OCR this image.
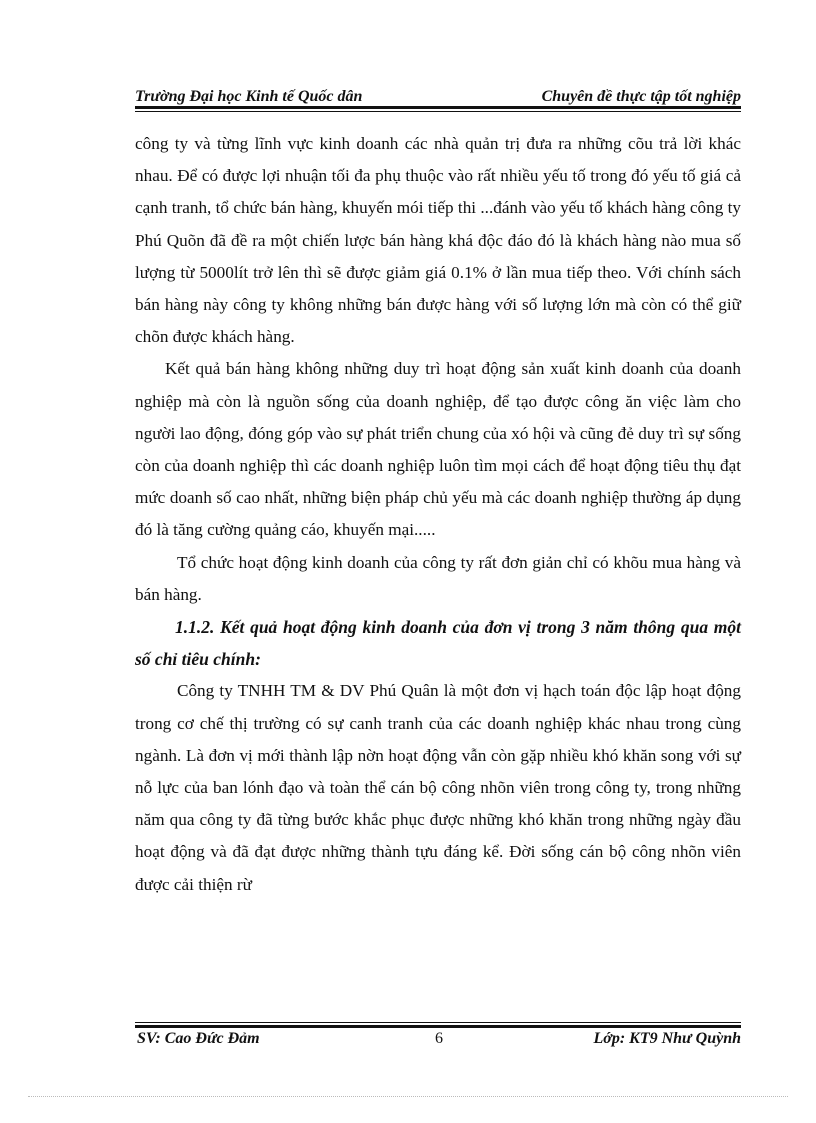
Trường Đại học Kinh tế Quốc dân	Chuyên đề thực tập tốt nghiệp

công ty và từng lĩnh vực kinh doanh các nhà quản trị đưa ra những cõu trả lời khác nhau. Để có được lợi nhuận tối đa phụ thuộc vào rất nhiều yếu tố trong đó yếu tố giá cả cạnh tranh, tổ chức bán hàng, khuyến mói tiếp thi ...đánh vào yếu tố khách hàng công ty Phú Quõn đã đề ra một chiến lược bán hàng khá độc đáo đó là khách hàng nào mua số lượng từ 5000lít trở lên thì sẽ được giảm giá 0.1% ở lần mua tiếp theo. Với chính sách bán hàng này công ty không những bán được hàng với số lượng lớn mà còn có thể giữ chõn được khách hàng.

Kết quả bán hàng không những duy trì hoạt động sản xuất kinh doanh của doanh nghiệp mà còn là nguồn sống của doanh nghiệp, để tạo được công ăn việc làm cho người lao động, đóng góp vào sự phát triển chung của xó hội và cũng đẻ duy trì sự sống còn của doanh nghiệp thì các doanh nghiệp luôn tìm mọi cách để hoạt động tiêu thụ đạt mức doanh số cao nhất, những biện pháp chủ yếu mà các doanh nghiệp thường áp dụng đó là tăng cường quảng cáo, khuyến mại.....

Tổ chức hoạt động kinh doanh của công ty rất đơn giản chỉ có khõu mua hàng và bán hàng.

1.1.2. Kết quả hoạt động kinh doanh của đơn vị trong 3 năm thông qua một số chỉ tiêu chính:

Công ty TNHH TM & DV Phú Quân là một đơn vị hạch toán độc lập hoạt động trong cơ chế thị trường có sự canh tranh của các doanh nghiệp khác nhau trong cùng ngành. Là đơn vị mới thành lập nờn hoạt động vẫn còn gặp nhiều khó khăn song với sự nỗ lực của ban lónh đạo và toàn thể cán bộ công nhõn viên trong công ty, trong những năm qua công ty đã từng bước khắc phục được những khó khăn trong những ngày đầu hoạt động và đã đạt được những thành tựu đáng kể. Đời sống cán bộ công nhõn viên được cải thiện rừ

SV: Cao Đức Đảm	6	Lớp: KT9 Như Quỳnh
